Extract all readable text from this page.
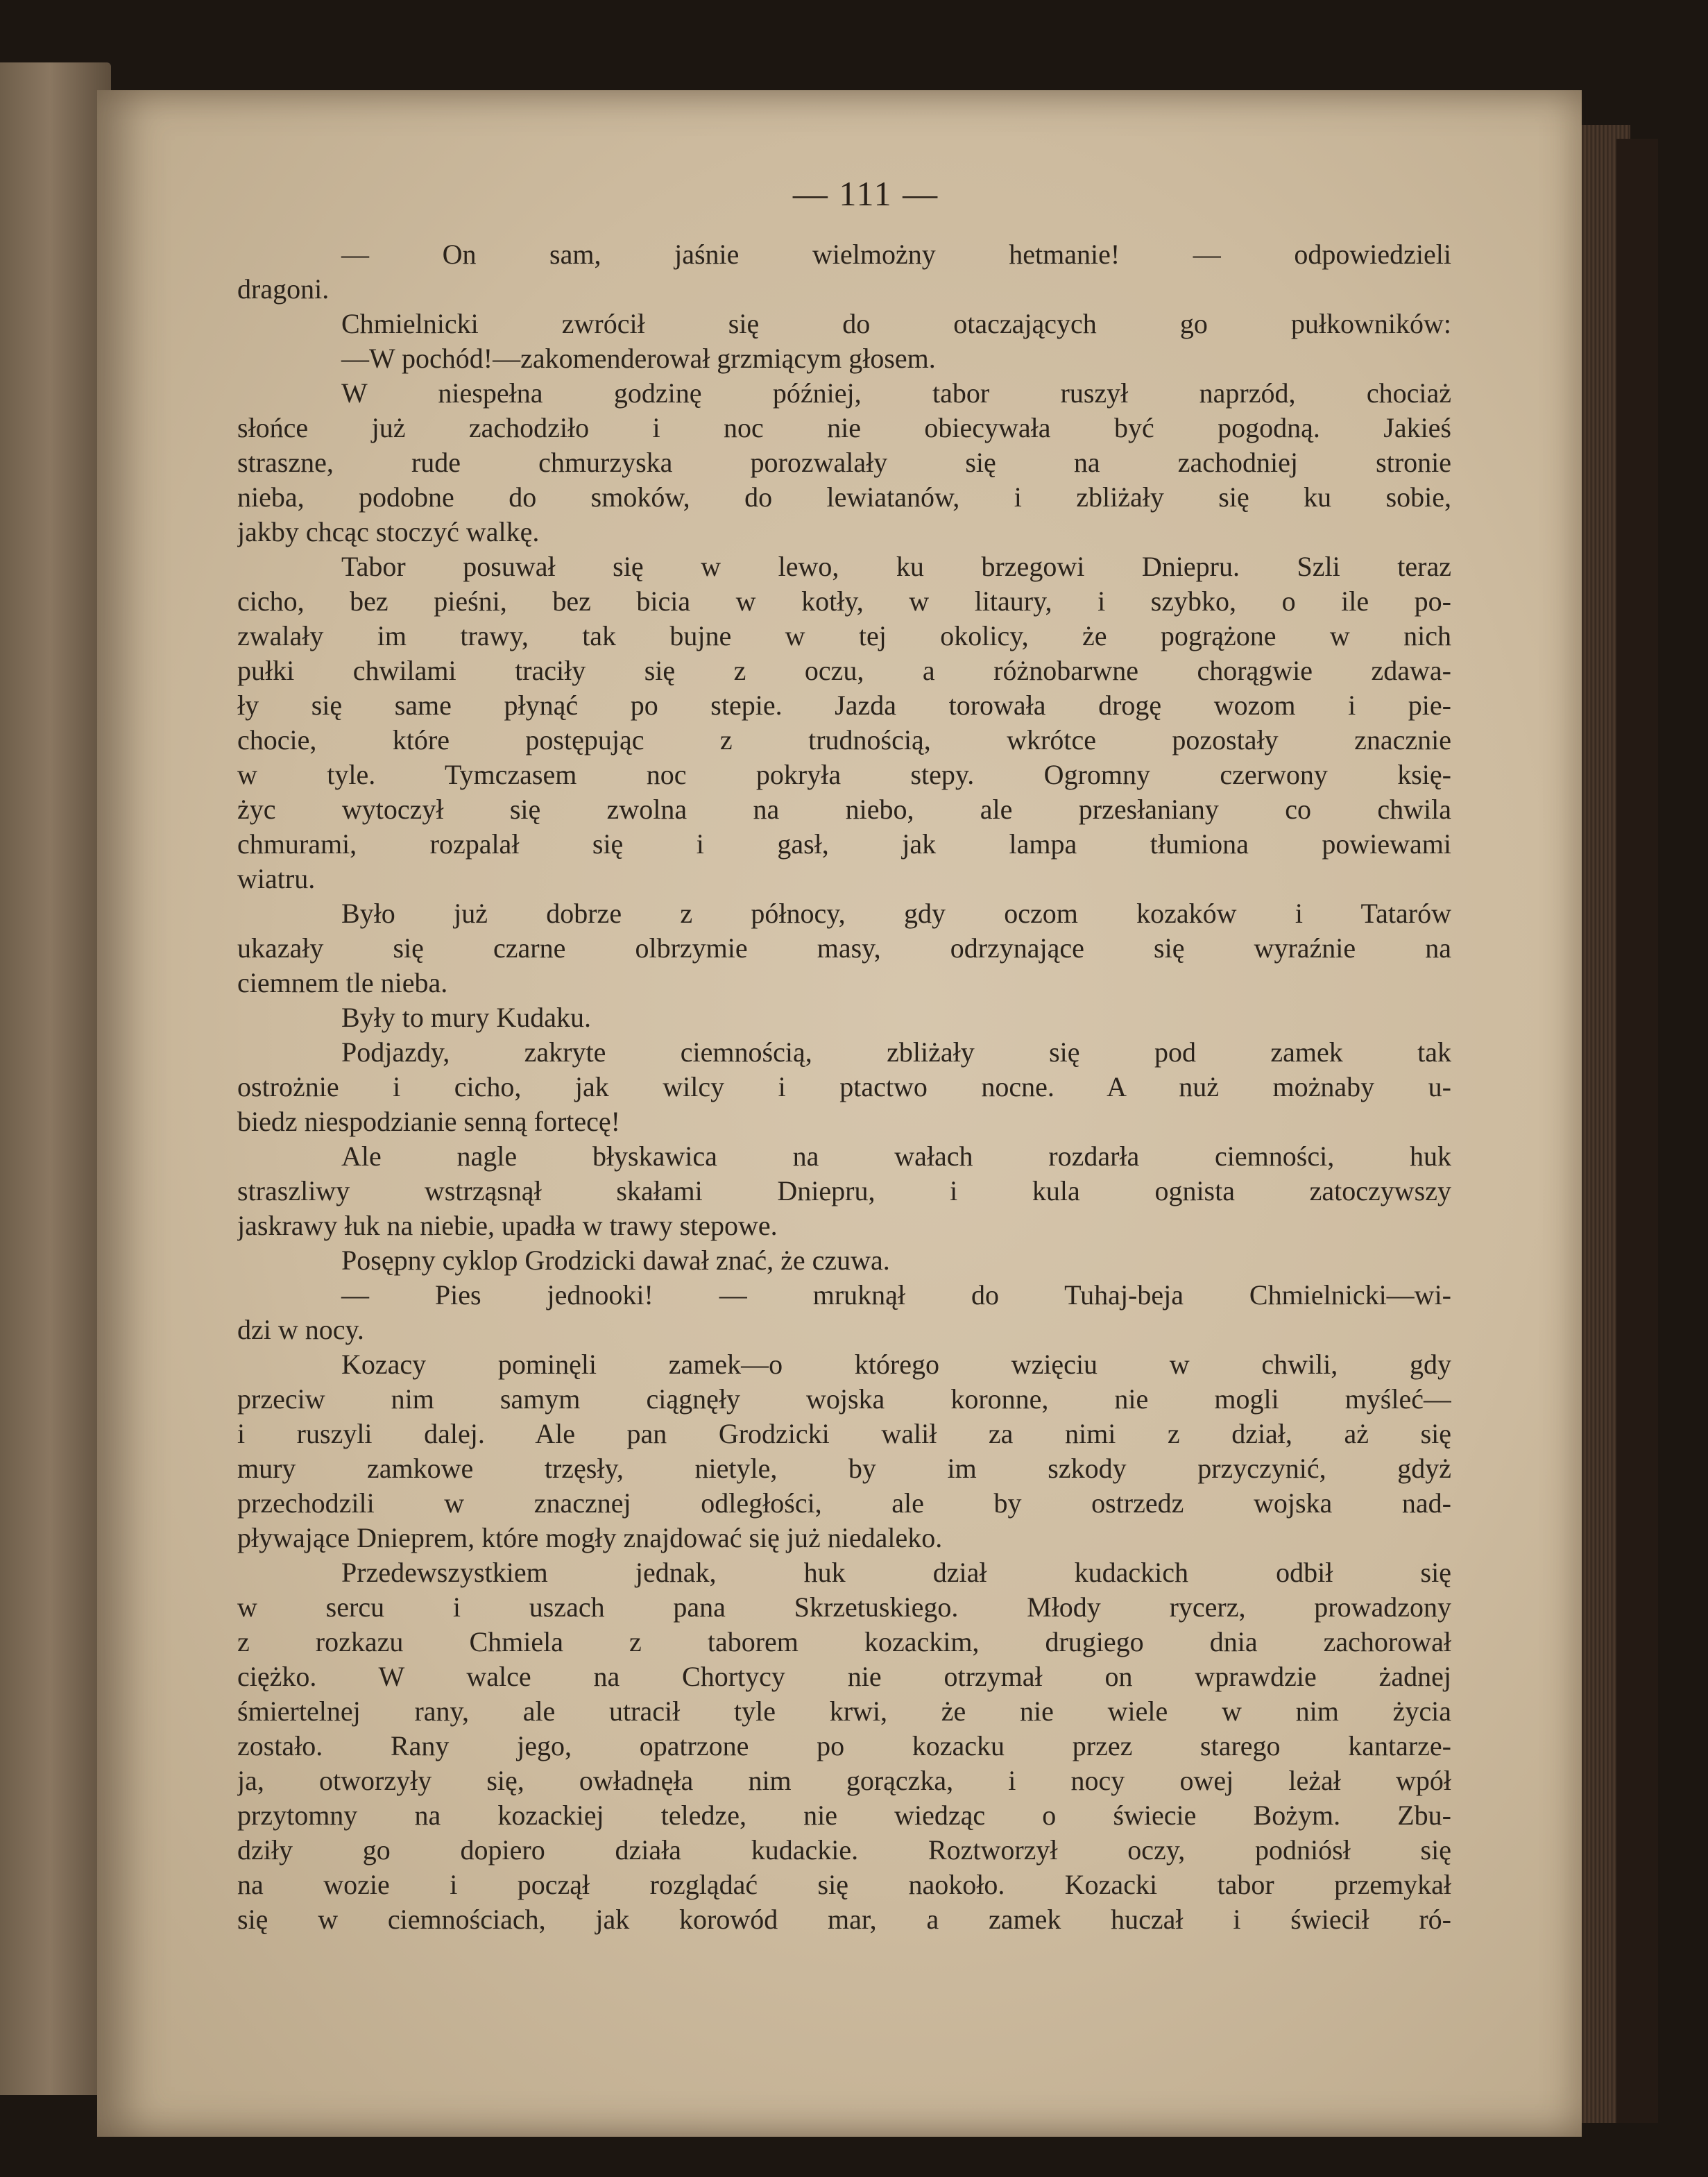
— 111 —
— On sam, jaśnie wielmożny hetmanie! — odpowiedzieli
dragoni.
Chmielnicki zwrócił się do otaczających go pułkowników:
—W pochód!—zakomenderował grzmiącym głosem.
W niespełna godzinę później, tabor ruszył naprzód, chociaż
słońce już zachodziło i noc nie obiecywała być pogodną. Jakieś
straszne, rude chmurzyska porozwalały się na zachodniej stronie
nieba, podobne do smoków, do lewiatanów, i zbliżały się ku sobie,
jakby chcąc stoczyć walkę.
Tabor posuwał się w lewo, ku brzegowi Dniepru. Szli teraz
cicho, bez pieśni, bez bicia w kotły, w litaury, i szybko, o ile po-
zwalały im trawy, tak bujne w tej okolicy, że pogrążone w nich
pułki chwilami traciły się z oczu, a różnobarwne chorągwie zdawa-
ły się same płynąć po stepie. Jazda torowała drogę wozom i pie-
chocie, które postępując z trudnością, wkrótce pozostały znacznie
w tyle. Tymczasem noc pokryła stepy. Ogromny czerwony księ-
życ wytoczył się zwolna na niebo, ale przesłaniany co chwila
chmurami, rozpalał się i gasł, jak lampa tłumiona powiewami
wiatru.
Było już dobrze z północy, gdy oczom kozaków i Tatarów
ukazały się czarne olbrzymie masy, odrzynające się wyraźnie na
ciemnem tle nieba.
Były to mury Kudaku.
Podjazdy, zakryte ciemnością, zbliżały się pod zamek tak
ostrożnie i cicho, jak wilcy i ptactwo nocne. A nuż możnaby u-
biedz niespodzianie senną fortecę!
Ale nagle błyskawica na wałach rozdarła ciemności, huk
straszliwy wstrząsnął skałami Dniepru, i kula ognista zatoczywszy
jaskrawy łuk na niebie, upadła w trawy stepowe.
Posępny cyklop Grodzicki dawał znać, że czuwa.
— Pies jednooki! — mruknął do Tuhaj-beja Chmielnicki—wi-
dzi w nocy.
Kozacy pominęli zamek—o którego wzięciu w chwili, gdy
przeciw nim samym ciągnęły wojska koronne, nie mogli myśleć—
i ruszyli dalej. Ale pan Grodzicki walił za nimi z dział, aż się
mury zamkowe trzęsły, nietyle, by im szkody przyczynić, gdyż
przechodzili w znacznej odległości, ale by ostrzedz wojska nad-
pływające Dnieprem, które mogły znajdować się już niedaleko.
Przedewszystkiem jednak, huk dział kudackich odbił się
w sercu i uszach pana Skrzetuskiego. Młody rycerz, prowadzony
z rozkazu Chmiela z taborem kozackim, drugiego dnia zachorował
ciężko. W walce na Chortycy nie otrzymał on wprawdzie żadnej
śmiertelnej rany, ale utracił tyle krwi, że nie wiele w nim życia
zostało. Rany jego, opatrzone po kozacku przez starego kantarze-
ja, otworzyły się, owładnęła nim gorączka, i nocy owej leżał wpół
przytomny na kozackiej teledze, nie wiedząc o świecie Bożym. Zbu-
dziły go dopiero działa kudackie. Roztworzył oczy, podniósł się
na wozie i począł rozglądać się naokoło. Kozacki tabor przemykał
się w ciemnościach, jak korowód mar, a zamek huczał i świecił ró-
